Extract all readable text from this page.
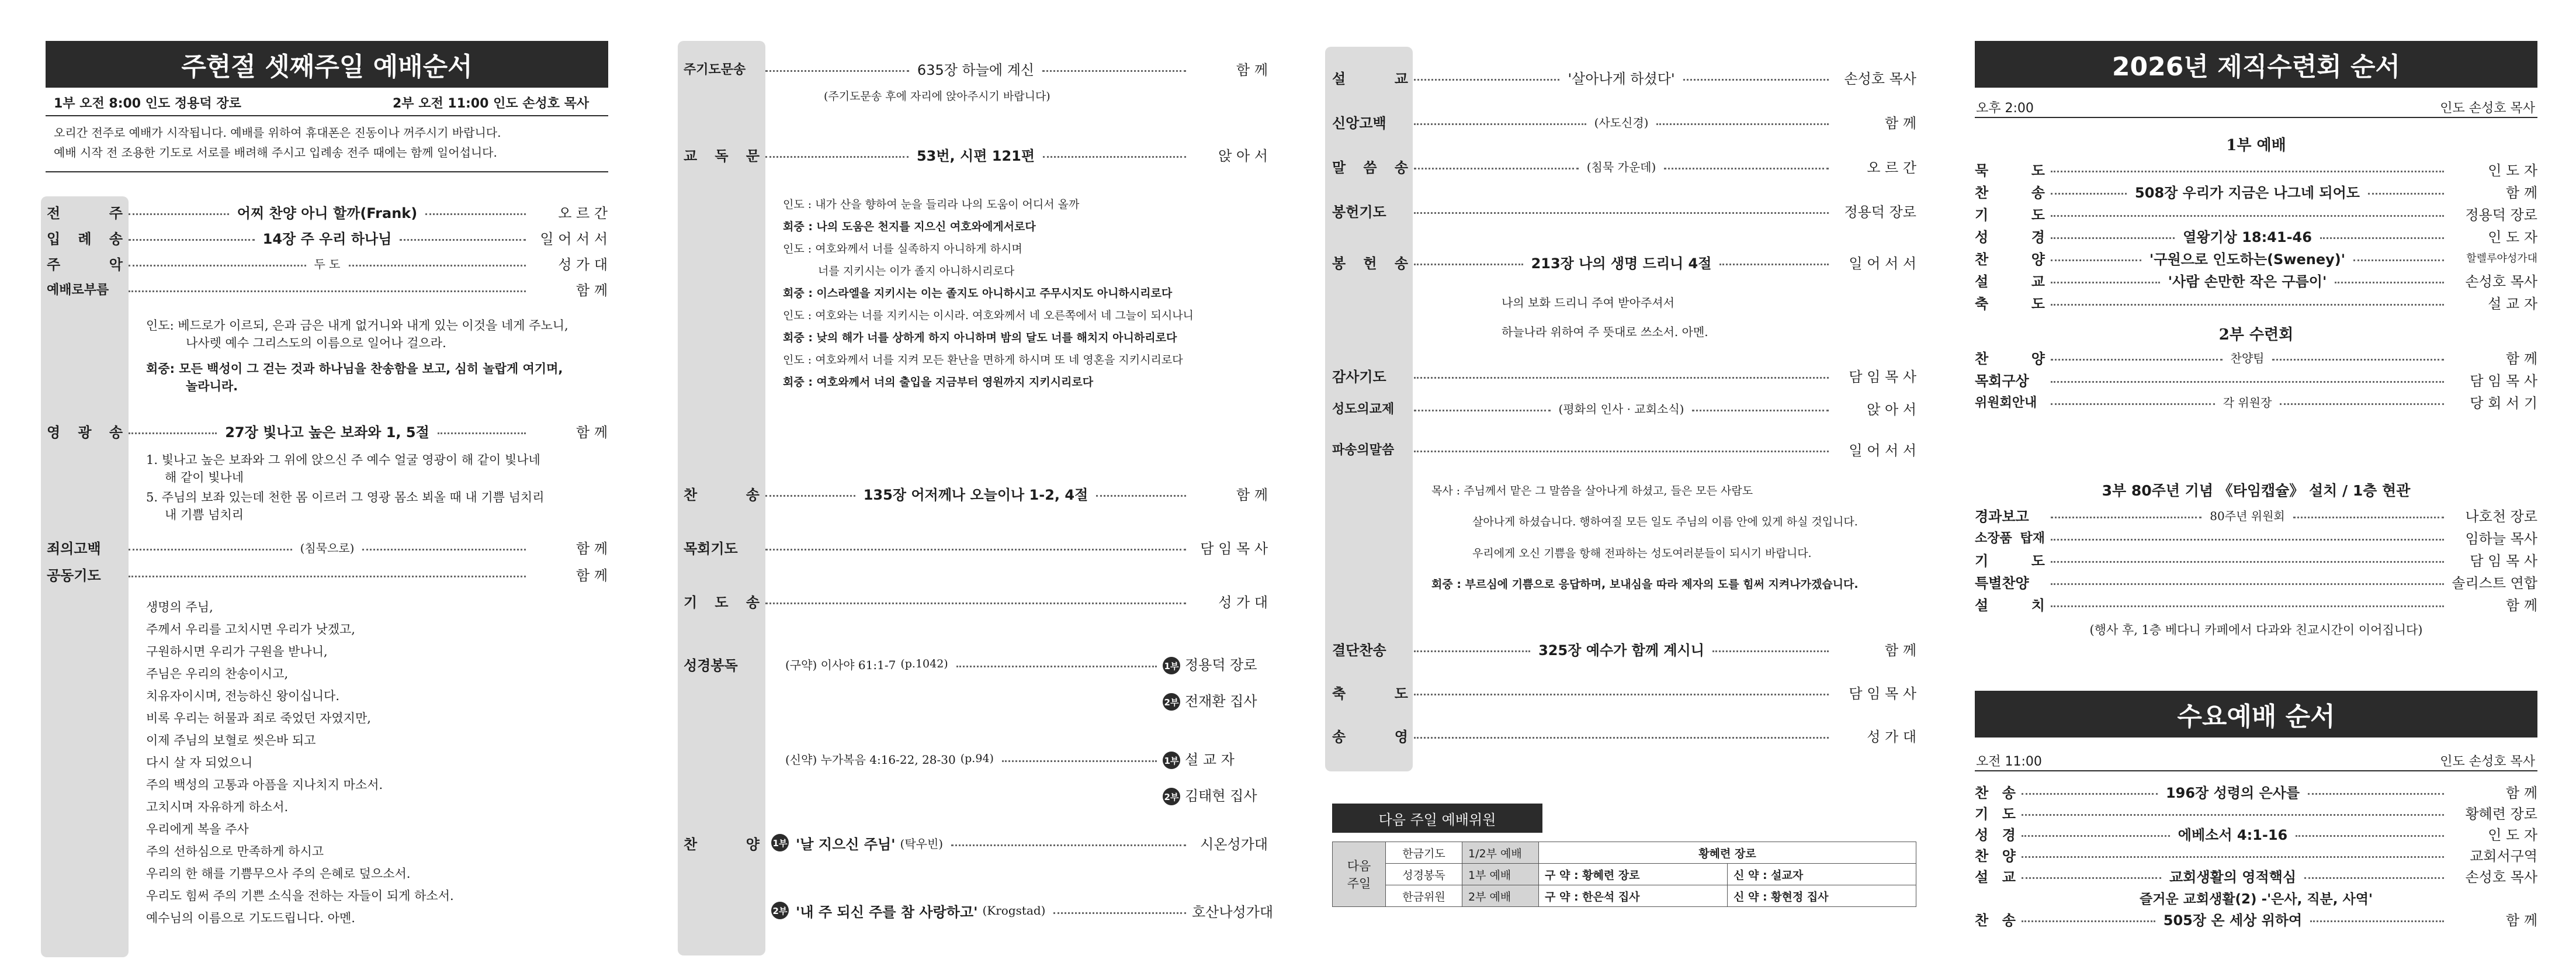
주현절 셋째주일 예배순서
1부 오전 8:00 인도 정용덕 장로	2부 오전 11:00 인도 손성호 목사
오리간 전주로 예배가 시작됩니다. 예배를 위하여 휴대폰은 진동이나 꺼주시기 바랍니다.
예배 시작 전 조용한 기도로 서로를 배려해 주시고 입례송 전주 때에는 함께 일어섭니다.
전 주	어찌 찬양 아니 할까(Frank)	오 르 간
입 례 송	14장 주 우리 하나님	일 어 서 서
주 악	두 도	성 가 대
예배로부름	함 께
인도: 베드로가 이르되, 은과 금은 내게 없거니와 내게 있는 이것을 네게 주노니,
나사렛 예수 그리스도의 이름으로 일어나 걸으라.
회중: 모든 백성이 그 걷는 것과 하나님을 찬송함을 보고, 심히 놀랍게 여기며,
놀라니라.
영 광 송	27장 빛나고 높은 보좌와 1, 5절	함 께
1. 빛나고 높은 보좌와 그 위에 앉으신 주 예수 얼굴 영광이 해 같이 빛나네
해 같이 빛나네
5. 주님의 보좌 있는데 천한 몸 이르러 그 영광 몸소 뵈올 때 내 기쁨 넘치리
내 기쁨 넘치리
죄의고백	(침묵으로)	함 께
공동기도	함 께
생명의 주님,
주께서 우리를 고치시면 우리가 낫겠고,
구원하시면 우리가 구원을 받나니,
주님은 우리의 찬송이시고,
치유자이시며, 전능하신 왕이십니다.
비록 우리는 허물과 죄로 죽었던 자였지만,
이제 주님의 보혈로 씻은바 되고
다시 살 자 되었으니
주의 백성의 고통과 아픔을 지나치지 마소서.
고치시며 자유하게 하소서.
우리에게 복을 주사
주의 선하심으로 만족하게 하시고
우리의 한 해를 기쁨무으사 주의 은혜로 덮으소서.
우리도 힘써 주의 기쁜 소식을 전하는 자들이 되게 하소서.
예수님의 이름으로 기도드립니다. 아멘.
주기도문송	635장 하늘에 계신	함 께
(주기도문송 후에 자리에 앉아주시기 바랍니다)
교 독 문	53번, 시편 121편	앉 아 서
인도 : 내가 산을 향하여 눈을 들리라 나의 도움이 어디서 올까
회중 : 나의 도움은 천지를 지으신 여호와에게서로다
인도 : 여호와께서 너를 실족하지 아니하게 하시며
너를 지키시는 이가 졸지 아니하시리로다
회중 : 이스라엘을 지키시는 이는 졸지도 아니하시고 주무시지도 아니하시리로다
인도 : 여호와는 너를 지키시는 이시라. 여호와께서 네 오른쪽에서 네 그늘이 되시나니
회중 : 낮의 해가 너를 상하게 하지 아니하며 밤의 달도 너를 해치지 아니하리로다
인도 : 여호와께서 너를 지켜 모든 환난을 면하게 하시며 또 네 영혼을 지키시리로다
회중 : 여호와께서 너의 출입을 지금부터 영원까지 지키시리로다
찬 송	135장 어저께나 오늘이나 1-2, 4절	함 께
목회기도	담 임 목 사
기 도 송	성 가 대
성경봉독	(구약) 이사야 61:1-7 (p.1042)	1부 정용덕 장로
2부 전재환 집사
(신약) 누가복음 4:16-22, 28-30 (p.94)	1부 설 교 자
2부 김태현 집사
찬 양 1부 '날 지으신 주님' (탁우빈)	시온성가대
2부 '내 주 되신 주를 참 사랑하고' (Krogstad)	호산나성가대
설 교	'살아나게 하셨다'	손성호 목사
신앙고백	(사도신경)	함 께
말 씀 송	(침묵 가운데)	오 르 간
봉헌기도	정용덕 장로
봉 헌 송	213장 나의 생명 드리니 4절	일 어 서 서
나의 보화 드리니 주여 받아주셔서
하늘나라 위하여 주 뜻대로 쓰소서. 아멘.
감사기도	담 임 목 사
성도의교제	(평화의 인사 · 교회소식)	앉 아 서
파송의말씀	일 어 서 서
목사 : 주님께서 맡은 그 말씀을 살아나게 하셨고, 들은 모든 사람도
살아나게 하셨습니다. 행하여질 모든 일도 주님의 이름 안에 있게 하실 것입니다.
우리에게 오신 기쁨을 항해 전파하는 성도여러분들이 되시기 바랍니다.
회중 : 부르심에 기쁨으로 응답하며, 보내심을 따라 제자의 도를 힘써 지켜나가겠습니다.
결단찬송	325장 예수가 함께 계시니	함 께
축 도	담 임 목 사
송 영	성 가 대
다음 주일 예배위원
다음
주일	한금기도	1/2부 예배	황혜련 장로	
	성경봉독	1부 예배	구 약 : 황혜련 장로	신 약 : 설교자
	한금위원	2부 예배	구 약 : 한은석 집사	신 약 : 황현정 집사
2026년 제직수련회 순서
오후 2:00	인도 손성호 목사
1부 예배
묵 도	인 도 자
찬 송	508장 우리가 지금은 나그네 되어도	함 께
기 도	정용덕 장로
성 경	열왕기상 18:41-46	인 도 자
찬 양	'구원으로 인도하는(Sweney)'	할렐루야성가대
설 교	'사람 손만한 작은 구름이'	손성호 목사
축 도	설 교 자
2부 수련회
찬 양	찬양팀	함 께
목회구상	담 임 목 사
위원회안내	각 위원장	당 회 서 기
3부 80주년 기념 《타임캡슐》 설치 / 1층 현관
경과보고	80주년 위원회	나호천 장로
소장품 탑재	임하늘 목사
기 도	담 임 목 사
특별찬양	솔리스트 연합
설 치	함 께
(행사 후, 1층 베다니 카페에서 다과와 친교시간이 이어집니다)
수요예배 순서
오전 11:00	인도 손성호 목사
찬 송	196장 성령의 은사를	함 께
기 도	황혜련 장로
성 경	에베소서 4:1-16	인 도 자
찬 양	교회서구역
설 교	교회생활의 영적핵심	손성호 목사
즐거운 교회생활(2) -'은사, 직분, 사역'
찬 송	505장 온 세상 위하여	함 께
